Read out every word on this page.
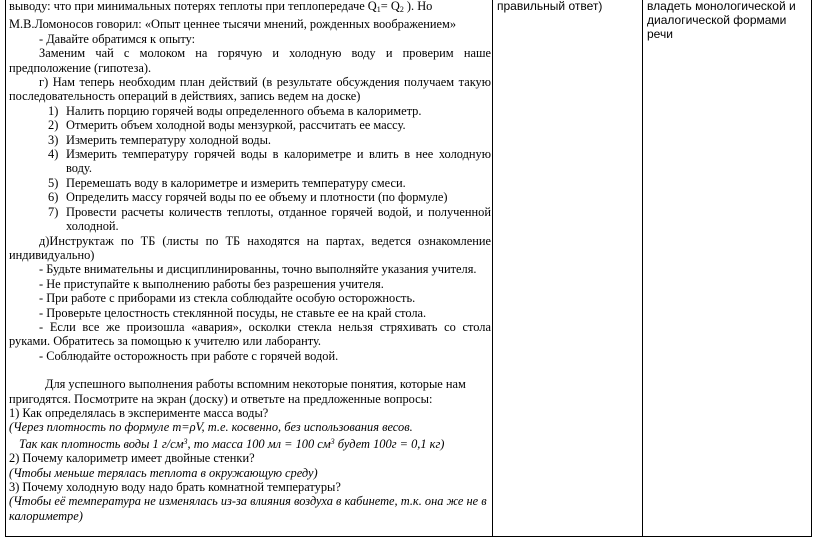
выводу: что при минимальных потерях теплоты при теплопередаче $Q_1= Q_2$ ). Но

М.В.Ломоносов говорил: «Опыт ценнее тысячи мнений, рожденных воображением»

- Давайте обратимся к опыту:

Заменим чай с молоком на горячую и холодную воду и проверим наше предположение (гипотеза).

г) Нам теперь необходим план действий (в результате обсуждения получаем такую последовательность операций в действиях, запись ведем на доске)

1) Налить порцию горячей воды определенного объема в калориметр.
2) Отмерить объем холодной воды мензуркой, рассчитать ее массу.
3) Измерить температуру холодной воды.
4) Измерить температуру горячей воды в калориметре и влить в нее холодную воду.
5) Перемешать воду в калориметре и измерить температуру смеси.
6) Определить массу горячей воды по ее объему и плотности (по формуле)
7) Провести расчеты количеств теплоты, отданное горячей водой, и полученной холодной.

д)Инструктаж по ТБ (листы по ТБ находятся на партах, ведется ознакомление индивидуально)

- Будьте внимательны и дисциплинированны, точно выполняйте указания учителя.

- Не приступайте к выполнению работы без разрешения учителя.

- При работе с приборами из стекла соблюдайте особую осторожность.

- Проверьте целостность стеклянной посуды, не ставьте ее на край стола.

- Если все же произошла «авария», осколки стекла нельзя стряхивать со стола руками. Обратитесь за помощью к учителю или лаборанту.

- Соблюдайте осторожность при работе с горячей водой.

Для успешного выполнения работы вспомним некоторые понятия, которые нам пригодятся. Посмотрите на экран (доску) и ответьте на предложенные вопросы:

1) Как определялась в эксперименте масса воды?

(Через плотность по формуле m=ρV, т.е. косвенно, без использования весов.

Так как плотность воды 1 $г/см^3$, то масса 100 мл = 100 $см^3$ будет 100г = 0,1 кг)

2) Почему калориметр имеет двойные стенки?

(Чтобы меньше терялась теплота в окружающую среду)

3) Почему холодную воду надо брать комнатной температуры?

(Чтобы её температура не изменялась из-за влияния воздуха в кабинете, т.к. она же не в калориметре)

правильный ответ)	владеть монологической и диалогической формами речи
